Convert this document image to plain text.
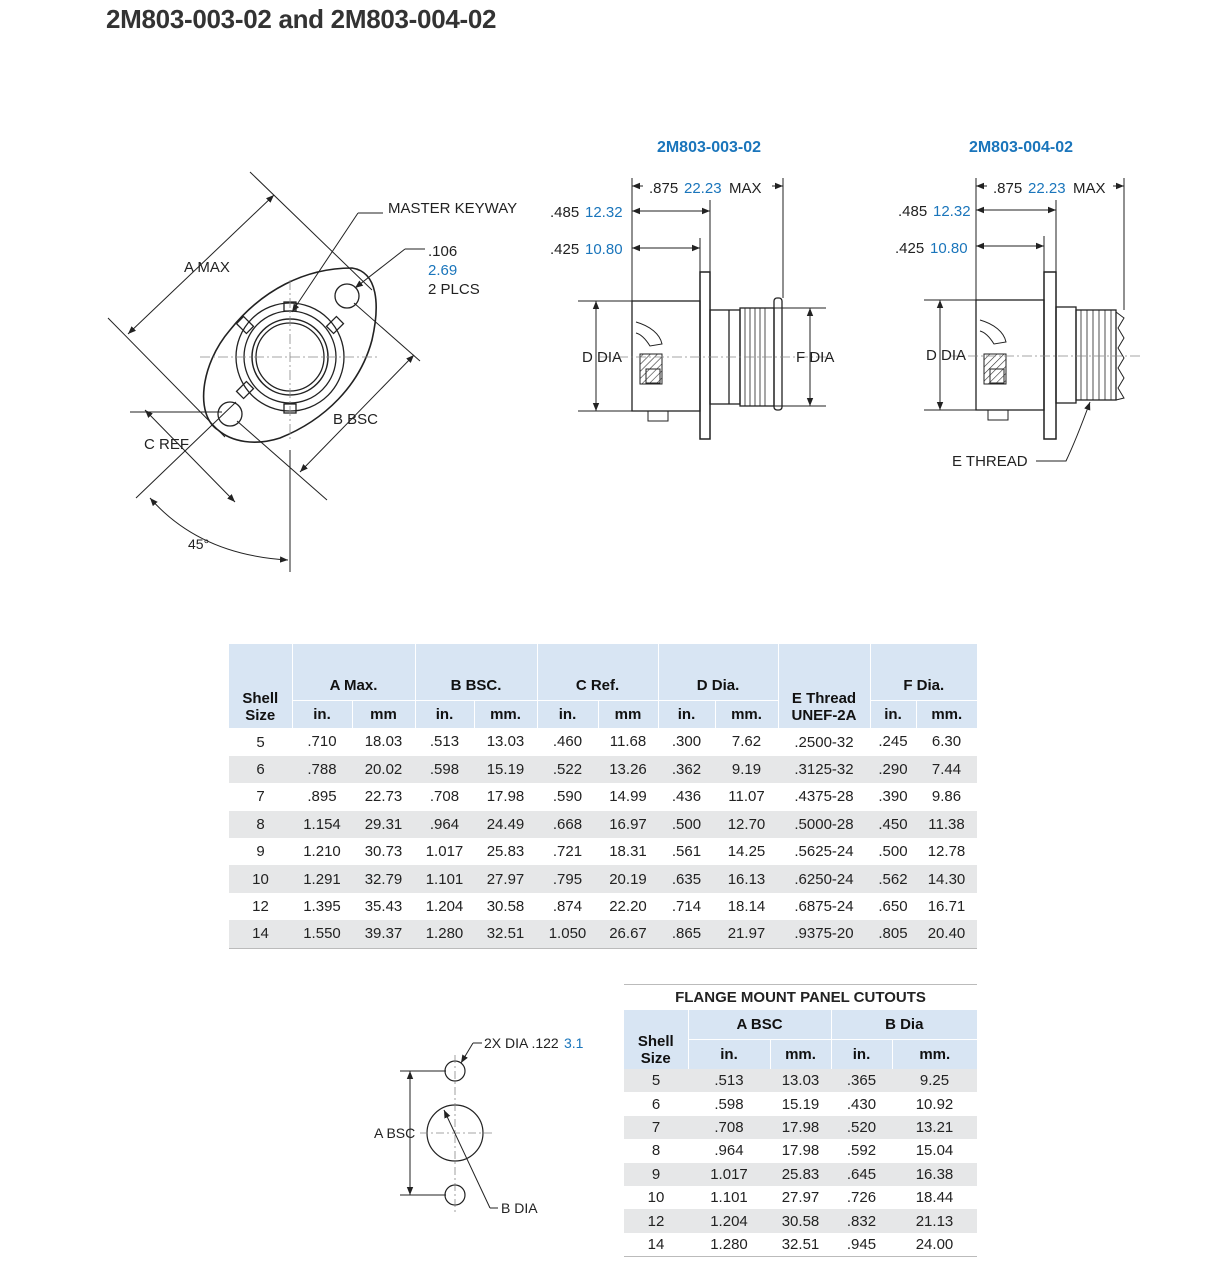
2M803-003-02 and 2M803-004-02
A MAX
MASTER KEYWAY
.106
2.69
2 PLCS
B BSC
C REF
45°
2M803-003-02
.875 22.23 MAX
.485 12.32
.425 10.80
D DIA	F DIA
2M803-004-02
.875 22.23 MAX
.485 12.32
.425 10.80
D DIA
E THREAD
Shell
Size	A Max.		B BSC.		C Ref.		D Dia.		E Thread
UNEF-2A	F Dia.	
	in.	mm	in.	mm.	in.	mm	in.	mm.		in.	mm.
5	.710	18.03	.513	13.03	.460	11.68	.300	7.62	.2500-32	.245	6.30
6	.788	20.02	.598	15.19	.522	13.26	.362	9.19	.3125-32	.290	7.44
7	.895	22.73	.708	17.98	.590	14.99	.436	11.07	.4375-28	.390	9.86
8	1.154	29.31	.964	24.49	.668	16.97	.500	12.70	.5000-28	.450	11.38
9	1.210	30.73	1.017	25.83	.721	18.31	.561	14.25	.5625-24	.500	12.78
10	1.291	32.79	1.101	27.97	.795	20.19	.635	16.13	.6250-24	.562	14.30
12	1.395	35.43	1.204	30.58	.874	22.20	.714	18.14	.6875-24	.650	16.71
14	1.550	39.37	1.280	32.51	1.050	26.67	.865	21.97	.9375-20	.805	20.40
2X DIA .122 3.1
A BSC
B DIA
FLANGE MOUNT PANEL CUTOUTS
Shell
Size	A BSC		B Dia	
	in.	mm.	in.	mm.
5	.513	13.03	.365	9.25
6	.598	15.19	.430	10.92
7	.708	17.98	.520	13.21
8	.964	17.98	.592	15.04
9	1.017	25.83	.645	16.38
10	1.101	27.97	.726	18.44
12	1.204	30.58	.832	21.13
14	1.280	32.51	.945	24.00
